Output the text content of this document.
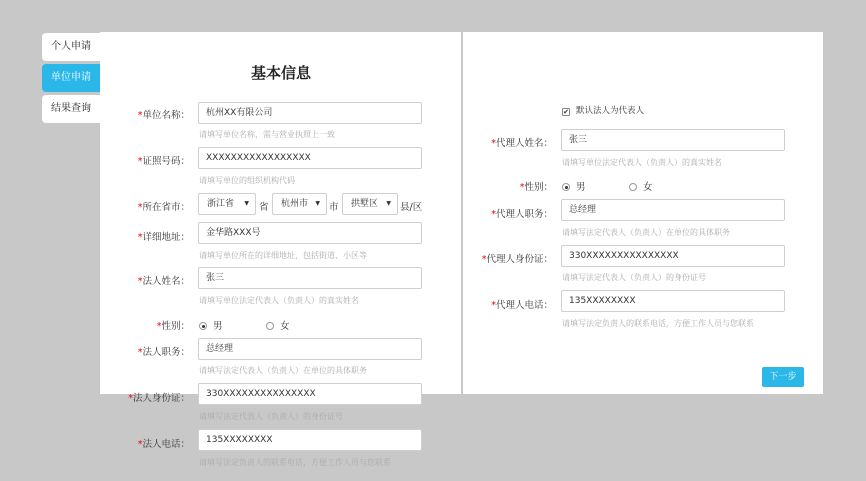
个人申请
单位申请
结果查询
基本信息
*单位名称：	杭州XX有限公司
请填写单位名称，需与营业执照上一致
*证照号码：	XXXXXXXXXXXXXXXXX
请填写单位的组织机构代码
*所在省市：	浙江省 ▼ 省	杭州市 ▼ 市	拱墅区 ▼ 县/区
*详细地址：	金华路XXX号
请填写单位所在的详细地址，包括街道、小区等
*法人姓名：	张三
请填写单位法定代表人（负责人）的真实姓名
*性别：	男	女
*法人职务：	总经理
请填写法定代表人（负责人）在单位的具体职务
*法人身份证：	330XXXXXXXXXXXXXXX
请填写法定代表人（负责人）的身份证号
*法人电话：	135XXXXXXXX
请填写法定负责人的联系电话，方便工作人员与您联系
✔ 默认法人为代表人
*代理人姓名：	张三
请填写单位法定代表人（负责人）的真实姓名
*性别：	男	女
*代理人职务：	总经理
请填写法定代表人（负责人）在单位的具体职务
*代理人身份证：	330XXXXXXXXXXXXXXX
请填写法定代表人（负责人）的身份证号
*代理人电话：	135XXXXXXXX
请填写法定负责人的联系电话，方便工作人员与您联系
下一步
